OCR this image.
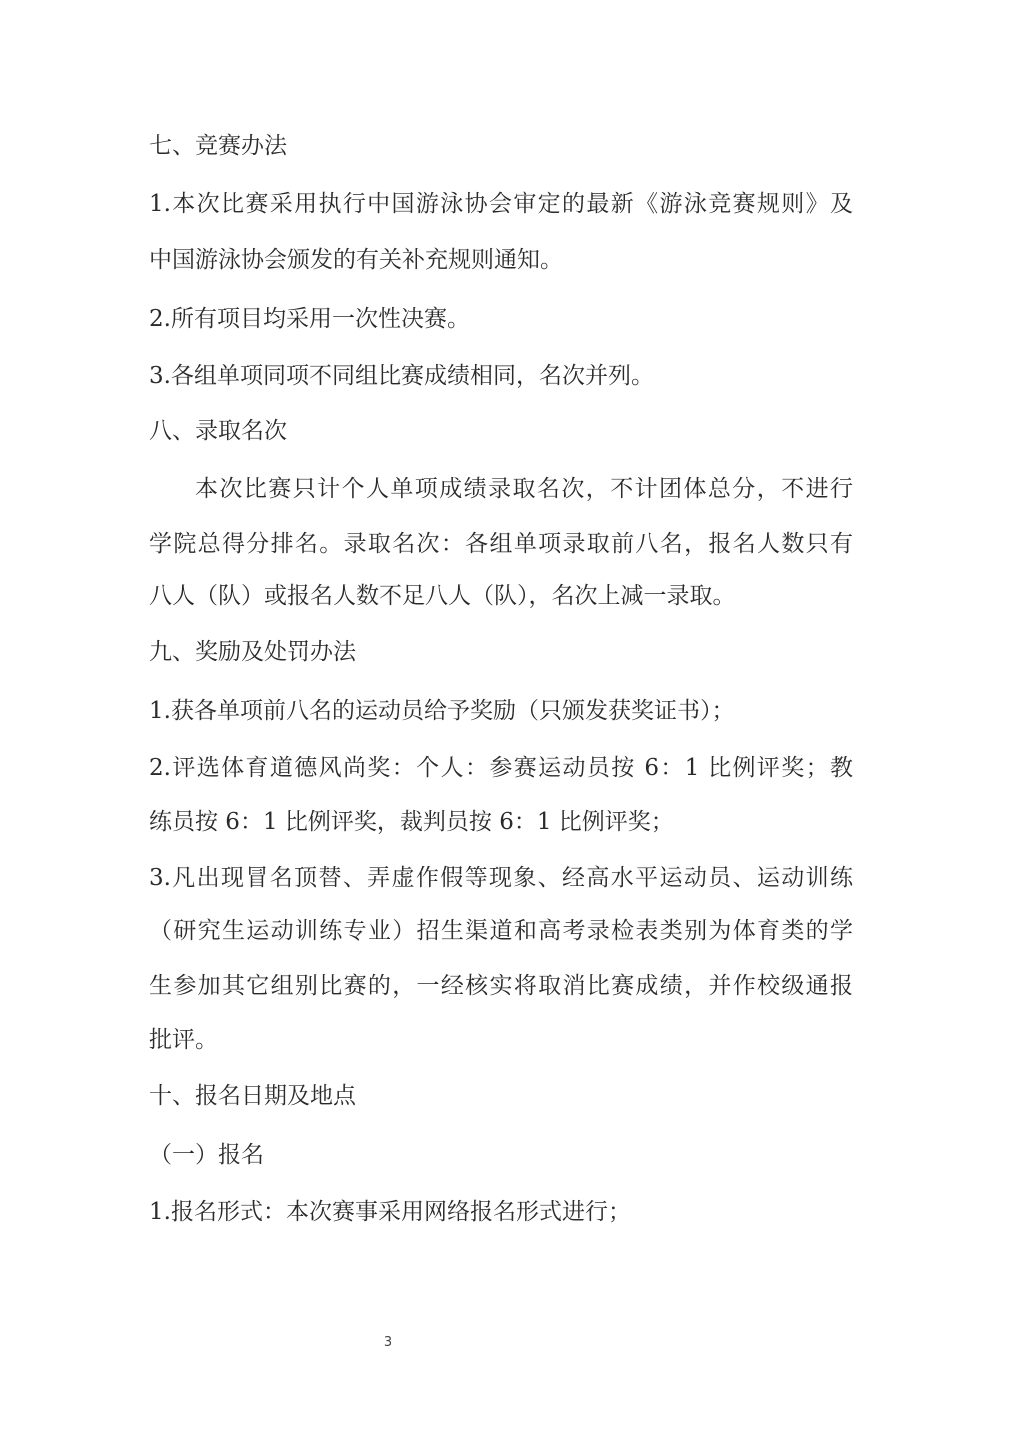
七、竞赛办法
1.本次比赛采用执行中国游泳协会审定的最新《游泳竞赛规则》及
中国游泳协会颁发的有关补充规则通知。
2.所有项目均采用一次性决赛。
3.各组单项同项不同组比赛成绩相同，名次并列。
八、录取名次
本次比赛只计个人单项成绩录取名次，不计团体总分，不进行
学院总得分排名。录取名次：各组单项录取前八名，报名人数只有
八人（队）或报名人数不足八人（队），名次上减一录取。
九、奖励及处罚办法
1.获各单项前八名的运动员给予奖励（只颁发获奖证书）；
2.评选体育道德风尚奖：个人：参赛运动员按 6：1 比例评奖；教
练员按 6：1 比例评奖，裁判员按 6：1 比例评奖；
3.凡出现冒名顶替、弄虚作假等现象、经高水平运动员、运动训练
（研究生运动训练专业）招生渠道和高考录检表类别为体育类的学
生参加其它组别比赛的，一经核实将取消比赛成绩，并作校级通报
批评。
十、报名日期及地点
（一）报名
1.报名形式：本次赛事采用网络报名形式进行；
3
